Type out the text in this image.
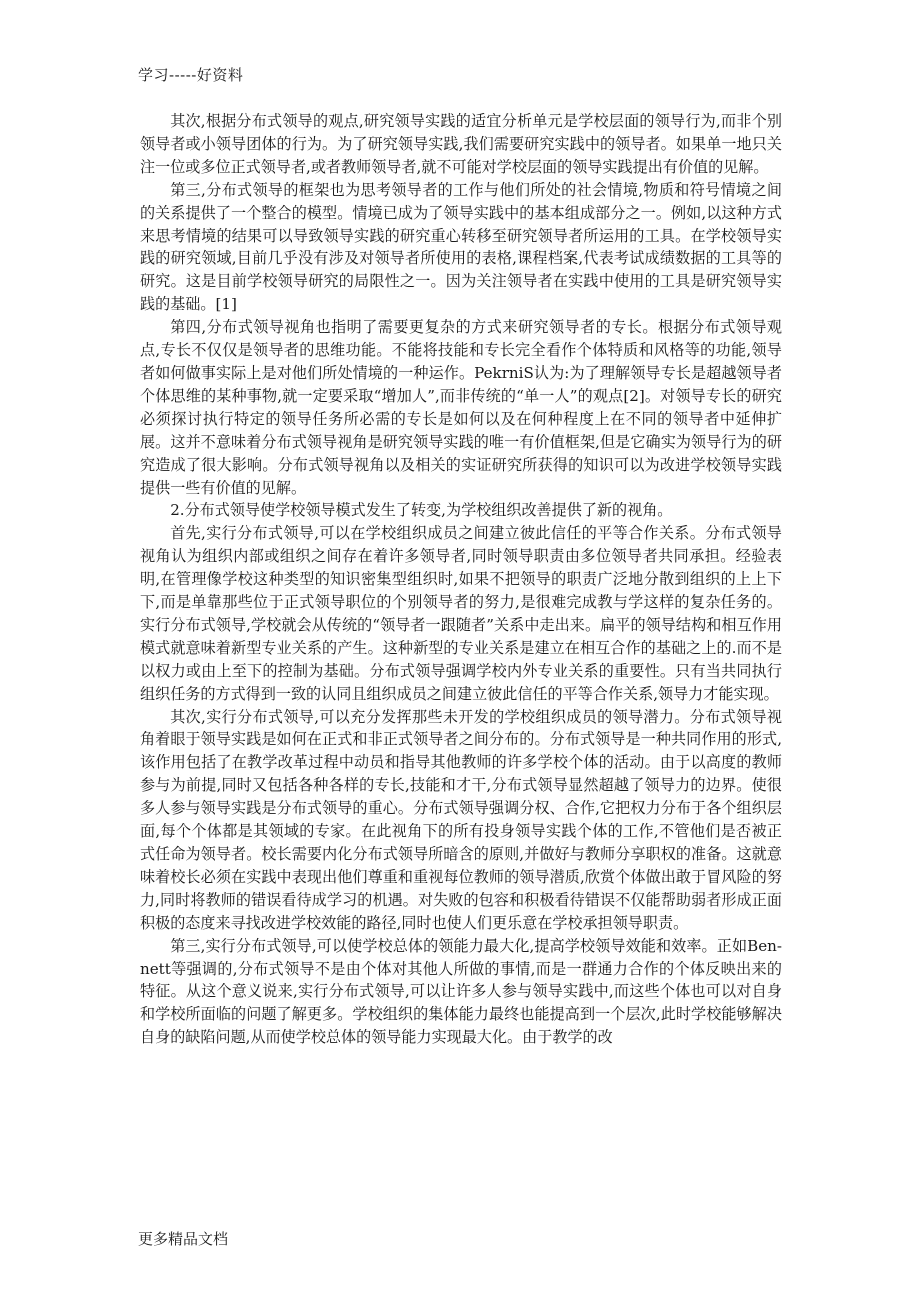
学习-----好资料

其次,根据分布式领导的观点,研究领导实践的适宜分析单元是学校层面的领导行为,而非个别领导者或小领导团体的行为。为了研究领导实践,我们需要研究实践中的领导者。如果单一地只关注一位或多位正式领导者,或者教师领导者,就不可能对学校层面的领导实践提出有价值的见解。

第三,分布式领导的框架也为思考领导者的工作与他们所处的社会情境,物质和符号情境之间的关系提供了一个整合的模型。情境已成为了领导实践中的基本组成部分之一。例如,以这种方式来思考情境的结果可以导致领导实践的研究重心转移至研究领导者所运用的工具。在学校领导实践的研究领域,目前几乎没有涉及对领导者所使用的表格,课程档案,代表考试成绩数据的工具等的研究。这是目前学校领导研究的局限性之一。因为关注领导者在实践中使用的工具是研究领导实践的基础。[1]

第四,分布式领导视角也指明了需要更复杂的方式来研究领导者的专长。根据分布式领导观点,专长不仅仅是领导者的思维功能。不能将技能和专长完全看作个体特质和风格等的功能,领导者如何做事实际上是对他们所处情境的一种运作。PekrniS认为:为了理解领导专长是超越领导者个体思维的某种事物,就一定要采取“增加人”,而非传统的“单一人”的观点[2]。对领导专长的研究必须探讨执行特定的领导任务所必需的专长是如何以及在何种程度上在不同的领导者中延伸扩展。这并不意味着分布式领导视角是研究领导实践的唯一有价值框架,但是它确实为领导行为的研究造成了很大影响。分布式领导视角以及相关的实证研究所获得的知识可以为改进学校领导实践提供一些有价值的见解。

2.分布式领导使学校领导模式发生了转变,为学校组织改善提供了新的视角。

首先,实行分布式领导,可以在学校组织成员之间建立彼此信任的平等合作关系。分布式领导视角认为组织内部或组织之间存在着许多领导者,同时领导职责由多位领导者共同承担。经验表明,在管理像学校这种类型的知识密集型组织时,如果不把领导的职责广泛地分散到组织的上上下下,而是单靠那些位于正式领导职位的个别领导者的努力,是很难完成教与学这样的复杂任务的。实行分布式领导,学校就会从传统的“领导者一跟随者”关系中走出来。扁平的领导结构和相互作用模式就意味着新型专业关系的产生。这种新型的专业关系是建立在相互合作的基础之上的.而不是以权力或由上至下的控制为基础。分布式领导强调学校内外专业关系的重要性。只有当共同执行组织任务的方式得到一致的认同且组织成员之间建立彼此信任的平等合作关系,领导力才能实现。

其次,实行分布式领导,可以充分发挥那些未开发的学校组织成员的领导潜力。分布式领导视角着眼于领导实践是如何在正式和非正式领导者之间分布的。分布式领导是一种共同作用的形式,该作用包括了在教学改革过程中动员和指导其他教师的许多学校个体的活动。由于以高度的教师参与为前提,同时又包括各种各样的专长,技能和才干,分布式领导显然超越了领导力的边界。使很多人参与领导实践是分布式领导的重心。分布式领导强调分权、合作,它把权力分布于各个组织层面,每个个体都是其领域的专家。在此视角下的所有投身领导实践个体的工作,不管他们是否被正式任命为领导者。校长需要内化分布式领导所暗含的原则,并做好与教师分享职权的准备。这就意味着校长必须在实践中表现出他们尊重和重视每位教师的领导潜质,欣赏个体做出敢于冒风险的努力,同时将教师的错误看待成学习的机遇。对失败的包容和积极看待错误不仅能帮助弱者形成正面积极的态度来寻找改进学校效能的路径,同时也使人们更乐意在学校承担领导职责。

第三,实行分布式领导,可以使学校总体的领能力最大化,提高学校领导效能和效率。正如Ben-nett等强调的,分布式领导不是由个体对其他人所做的事情,而是一群通力合作的个体反映出来的特征。从这个意义说来,实行分布式领导,可以让许多人参与领导实践中,而这些个体也可以对自身和学校所面临的问题了解更多。学校组织的集体能力最终也能提高到一个层次,此时学校能够解决自身的缺陷问题,从而使学校总体的领导能力实现最大化。由于教学的改

更多精品文档
